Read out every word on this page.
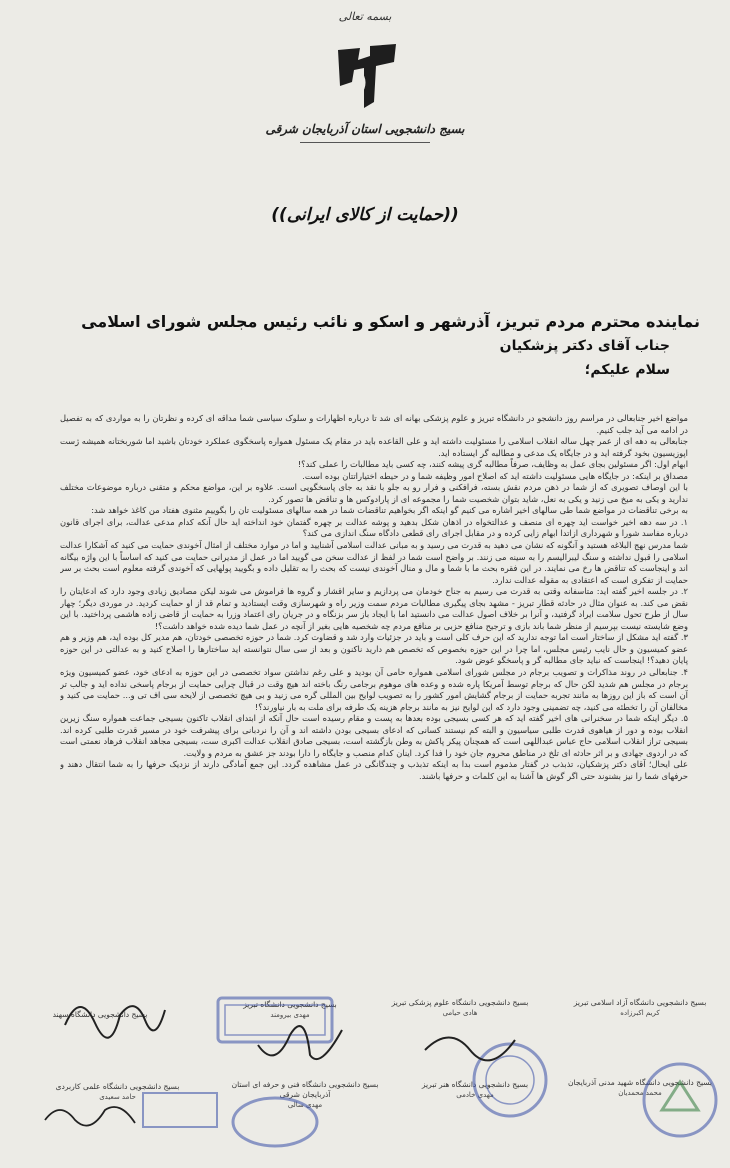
بسمه تعالی
بسیج دانشجویی استان آذربایجان شرقی
((حمایت از کالای ایرانی))
نماینده محترم مردم تبریز، آذرشهر و اسکو و نائب رئیس مجلس شورای اسلامی
جناب آقای دکتر پزشکیان
سلام علیکم؛

مواضع اخیر جنابعالی در مراسم روز دانشجو در دانشگاه تبریز و علوم پزشکی بهانه ای شد تا درباره اظهارات و سلوک سیاسی شما مداقه ای کرده و نظرتان را به مواردی که به تفصیل در ادامه می آید جلب کنیم.

جنابعالی به دهه ای از عمر چهل ساله انقلاب اسلامی را مسئولیت داشته اید و علی القاعده باید در مقام یک مسئول همواره پاسخگوی عملکرد خودتان باشید اما شوربختانه همیشه ژست اپوزیسیون بخود گرفته اید و در جایگاه یک مدعی و مطالبه گر ایستاده اید.

ابهام اول: اگر مسئولین بجای عمل به وظایف، صرفاً مطالبه گری پیشه کنند، چه کسی باید مطالبات را عملی کند؟!

مصداق بر اینکه: در جایگاه هایی مسئولیت داشته اید که اصلاح امور وظیفه شما و در حیطه اختیاراتتان بوده است.

با این اوصاف تصویری که از شما در ذهن مردم نقش بسته، فرافکنی و فرار رو به جلو با نقد به جای پاسخگویی است. علاوه بر این، مواضع محکم و متقنی درباره موضوعات مختلف ندارید و یکی به میخ می زنید و یکی به نعل، شاید بتوان شخصیت شما را مجموعه ای از پارادوکس ها و تناقض ها تصور کرد.

به برخی تناقضات در مواضع شما طی سالهای اخیر اشاره می کنیم گو اینکه اگر بخواهیم تناقضات شما در همه سالهای مسئولیت تان را بگوییم مثنوی هفتاد من کاغذ خواهد شد:

۱. در سه دهه اخیر خواست اید چهره ای منصف و عدالتخواه در اذهان شکل بدهید و پوشه عدالت بر چهره گفتمان خود انداخته اید حال آنکه کدام مدعی عدالت، برای اجرای قانون درباره مفاسد شورا و شهرداری ازاتدا ابهام زایی کرده و در مقابل اجرای رای قطعی دادگاه سنگ اندازی می کند؟

شما مدرس نهج البلاغه هستید و آنگونه که نشان می دهید به قدرت می رسید و به مبانی عدالت اسلامی آشنایید و اما در موارد مختلف از امثال آخوندی حمایت می کنید که آشکارا عدالت اسلامی را قبول نداشته و سنگ لیبرالیسم را به سینه می زنند. بر واضح است شما در لفظ از عدالت سخن می گویید اما در عمل از مدیرانی حمایت می کنید که اساساً با این واژه بیگانه اند و اینجاست که تناقض ها رخ می نمایند. در این فقره بحث ما با شما و مال و منال آخوندی نیست که بحث را به تقلیل داده و بگویید پولهایی که آخوندی گرفته معلوم است بحث بر سر حمایت از تفکری است که اعتقادی به مقوله عدالت ندارد.

۲. در جلسه اخیر گفته اید: متاسفانه وقتی به قدرت می رسیم به جناح خودمان می پردازیم و سایر اقشار و گروه ها فراموش می شوند لیکن مصادیق زیادی وجود دارد که ادعایتان را نقض می کند. به عنوان مثال در حادثه قطار تبریز - مشهد بجای پیگیری مطالبات مردم سمت وزیر راه و شهرسازی وقت ایستادید و تمام قد از او حمایت کردید. در موردی دیگر؛ چهار سال از طرح تحول سلامت ایراد گرفتید، و آنرا بر خلاف اصول عدالت می دانستید اما با ایجاد باز سر بزنگاه و در جریان رای اعتماد وزرا به حمایت از قاضی زاده هاشمی پرداختید. با این وضع شایسته نیست بپرسیم از منظر شما باند بازی و ترجیح منافع حزبی بر منافع مردم چه شخصیه هایی بغیر از آنچه در عمل شما دیده شده خواهد داشت؟!

۳. گفته اید مشکل از ساختار است اما توجه ندارید که این حرف کلی است و باید در جزئیات وارد شد و قضاوت کرد. شما در حوزه تخصصی خودتان، هم مدیر کل بوده اید، هم وزیر و هم عضو کمیسیون و حال نایب رئیس مجلس، اما چرا در این حوزه بخصوص که تخصص هم دارید ناکنون و بعد از سی سال نتوانسته اید ساختارها را اصلاح کنید و به عدالتی در این حوزه پایان دهید؟! اینجاست که نباید جای مطالبه گر و پاسخگو عوض شود.

۴. جنابعالی در روند مذاکرات و تصویب برجام در مجلس شورای اسلامی همواره حامی آن بودید و علی رغم نداشتن سواد تخصصی در این حوزه به ادعای خود، عضو کمیسیون ویژه برجام در مجلس هم شدید لکن حال که برجام توسط آمریکا پاره شده و وعده های موهوم برجامی رنگ باخته اند هیچ وقت در قبال چرایی حمایت از برجام پاسخی نداده اید و جالب تر آن است که باز این روزها به مانند تجربه حمایت از برجام گشایش امور کشور را به تصویب لوایح بین المللی گره می زنید و بی هیچ تخصصی از لایحه سی اف تی و... حمایت می کنید و مخالفان آن را تخطئه می کنید، چه تضمینی وجود دارد که این لوایح نیز به مانند برجام هزینه یک طرفه برای ملت به بار نیاورند؟!

۵. دیگر اینکه شما در سخنرانی های اخیر گفته اید که هر کسی بسیجی بوده بعدها به پست و مقام رسیده است حال آنکه از ابتدای انقلاب تاکنون بسیجی جماعت همواره سنگ زیرین انقلاب بوده و دور از هیاهوی قدرت طلبی سیاسیون و البته کم نیستند کسانی که ادعای بسیجی بودن داشته اند و آن را نردبانی برای پیشرفت خود در مسیر قدرت طلبی کرده اند. بسیجی تراز انقلاب اسلامی حاج عباس عبداللهی است که همچنان پیکر پاکش به وطن بازگشته است، بسیجی صادق انقلاب عدالت اکبری ست، بسیجی مجاهد انقلاب فرهاد نعمتی است که در اردوی جهادی و بر اثر حادثه ای تلخ در مناطق محروم جان خود را فدا کرد. اینان کدام منصب و جایگاه را دارا بودند جز عشق به مردم و ولایت.

علی ایحال؛ آقای دکتر پزشکیان، تذبذب در گفتار مذموم است بدا به اینکه تذبذب و چندگانگی در عمل مشاهده گردد. این جمع آمادگی دارند از نزدیک حرفها را به شما انتقال دهند و حرفهای شما را نیز بشنوند حتی اگر گوش ها آشنا به این کلمات و حرفها باشند.

بسیج دانشجویی دانشگاه آزاد اسلامی تبریز
کریم اکبرزاده
بسیج دانشجویی دانشگاه علوم پزشکی تبریز
هادی حیامی
بسیج دانشجویی دانشگاه تبریز
مهدی بیرومند
بسیج دانشجویی دانشگاه سهند
بسیج دانشجویی دانشگاه شهید مدنی آذربایجان
محمد محمدیان
بسیج دانشجویی دانشگاه هنر تبریز
مهدی خادمی
بسیج دانشجویی دانشگاه فنی و حرفه ای استان آذربایجان شرقی
مهدی سالی
بسیج دانشجویی دانشگاه علمی کاربردی
حامد سعیدی
